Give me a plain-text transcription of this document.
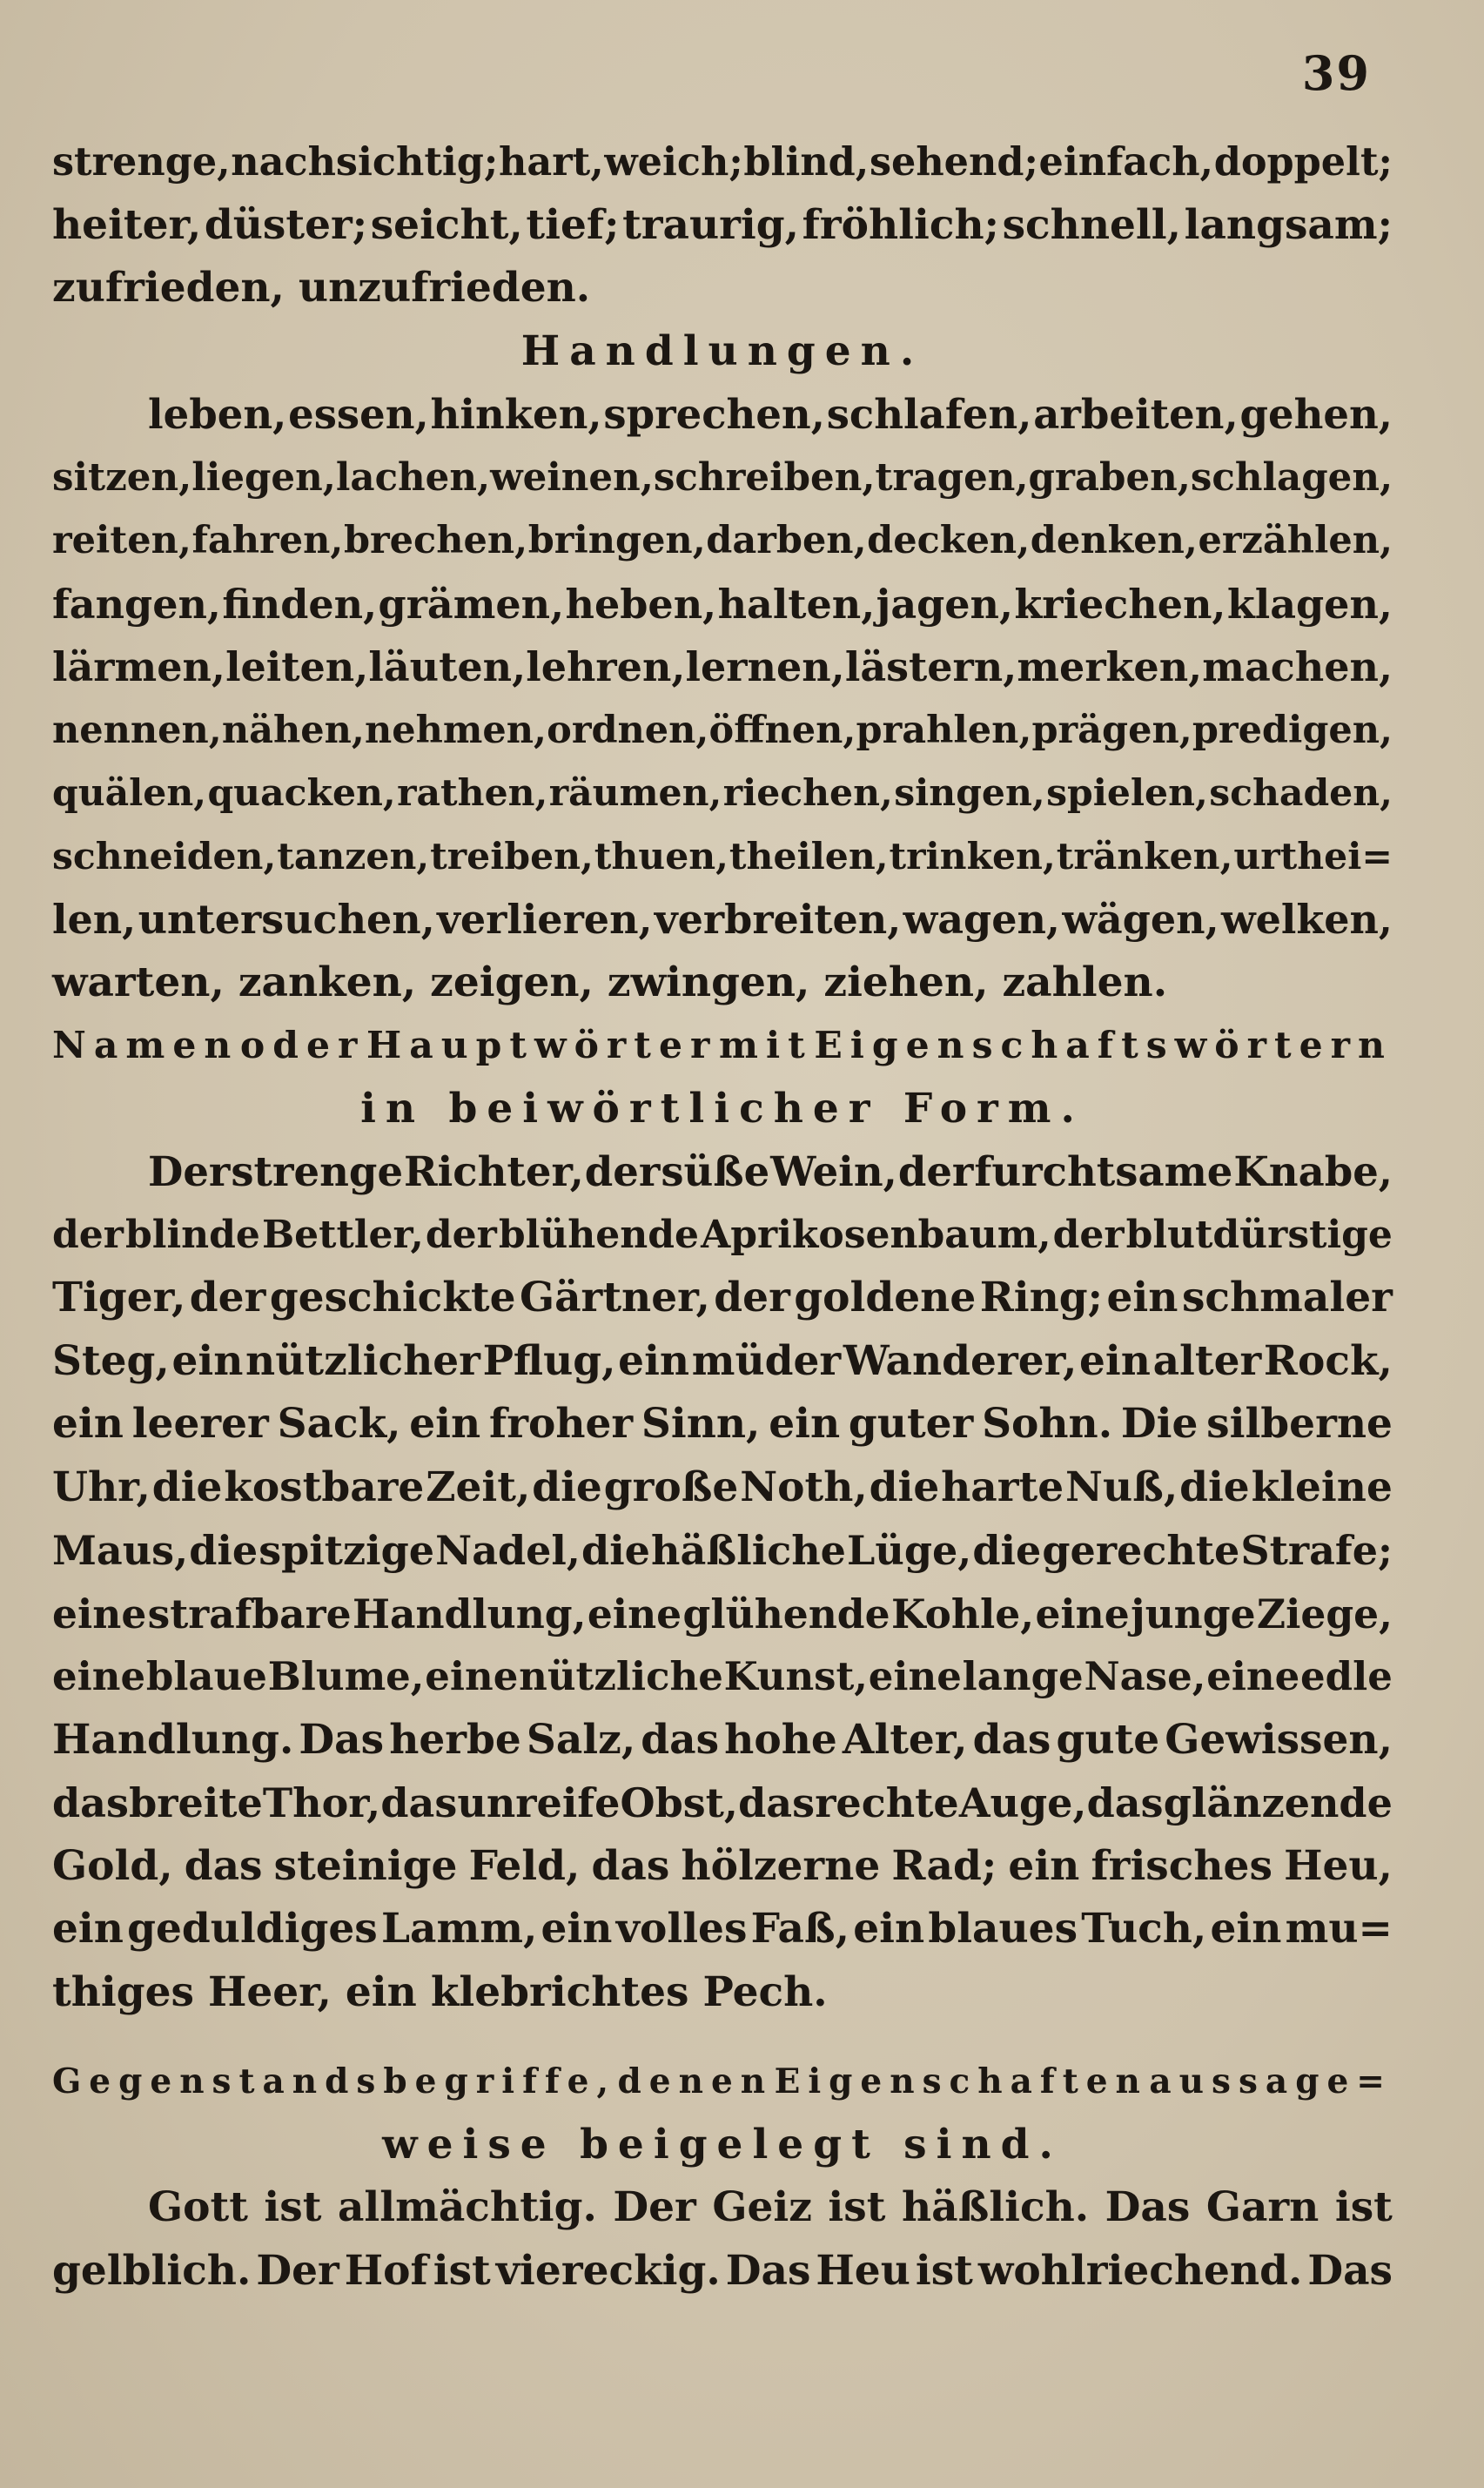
39
strenge, nachsichtig; hart, weich; blind, sehend; einfach, doppelt;
heiter, düster; seicht, tief; traurig, fröhlich; schnell, langsam;
zufrieden, unzufrieden.
Handlungen.
leben, essen, hinken, sprechen, schlafen, arbeiten, gehen,
sitzen, liegen, lachen, weinen, schreiben, tragen, graben, schlagen,
reiten, fahren, brechen, bringen, darben, decken, denken, erzählen,
fangen, finden, grämen, heben, halten, jagen, kriechen, klagen,
lärmen, leiten, läuten, lehren, lernen, lästern, merken, machen,
nennen, nähen, nehmen, ordnen, öffnen, prahlen, prägen, predigen,
quälen, quacken, rathen, räumen, riechen, singen, spielen, schaden,
schneiden, tanzen, treiben, thuen, theilen, trinken, tränken, urthei=
len, untersuchen, verlieren, verbreiten, wagen, wägen, welken,
warten, zanken, zeigen, zwingen, ziehen, zahlen.
Namen oder Hauptwörter mit Eigenschaftswörtern
in beiwörtlicher Form.
Der strenge Richter, der süße Wein, der furchtsame Knabe,
der blinde Bettler, der blühende Aprikosenbaum, der blutdürstige
Tiger, der geschickte Gärtner, der goldene Ring; ein schmaler
Steg, ein nützlicher Pflug, ein müder Wanderer, ein alter Rock,
ein leerer Sack, ein froher Sinn, ein guter Sohn. Die silberne
Uhr, die kostbare Zeit, die große Noth, die harte Nuß, die kleine
Maus, die spitzige Nadel, die häßliche Lüge, die gerechte Strafe;
eine strafbare Handlung, eine glühende Kohle, eine junge Ziege,
eine blaue Blume, eine nützliche Kunst, eine lange Nase, eine edle
Handlung. Das herbe Salz, das hohe Alter, das gute Gewissen,
das breite Thor, das unreife Obst, das rechte Auge, das glänzende
Gold, das steinige Feld, das hölzerne Rad; ein frisches Heu,
ein geduldiges Lamm, ein volles Faß, ein blaues Tuch, ein mu=
thiges Heer, ein klebrichtes Pech.
Gegenstandsbegriffe, denen Eigenschaften aussage=
weise beigelegt sind.
Gott ist allmächtig. Der Geiz ist häßlich. Das Garn ist
gelblich. Der Hof ist viereckig. Das Heu ist wohlriechend. Das
